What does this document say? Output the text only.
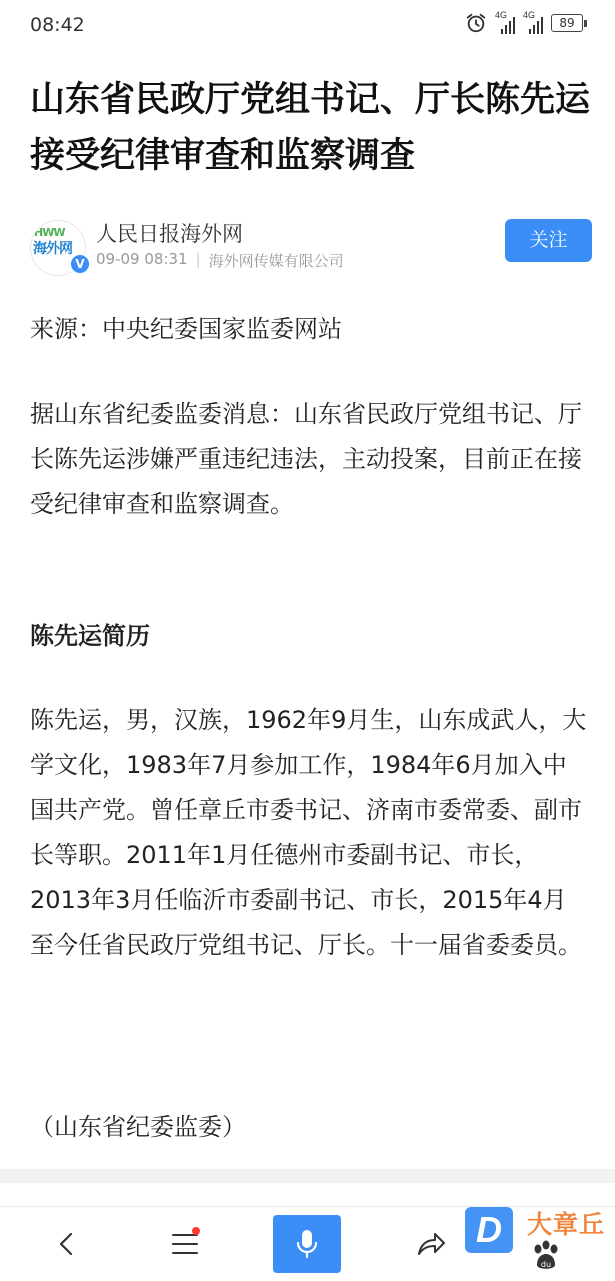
08:42	4G 4G
89
山东省民政厅党组书记、厅长陈先运接受纪律审查和监察调查
HWW
海外网
V
人民日报海外网
09-09 08:31 | 海外网传媒有限公司
关注

来源：中央纪委国家监委网站

据山东省纪委监委消息：山东省民政厅党组书记、厅长陈先运涉嫌严重违纪违法，主动投案，目前正在接受纪律审查和监察调查。

陈先运简历

陈先运，男，汉族，1962年9月生，山东成武人，大学文化，1983年7月参加工作，1984年6月加入中国共产党。曾任章丘市委书记、济南市委常委、副市长等职。2011年1月任德州市委副书记、市长，2013年3月任临沂市委副书记、市长，2015年4月至今任省民政厅党组书记、厅长。十一届省委委员。

（山东省纪委监委）

D	大章丘
du
